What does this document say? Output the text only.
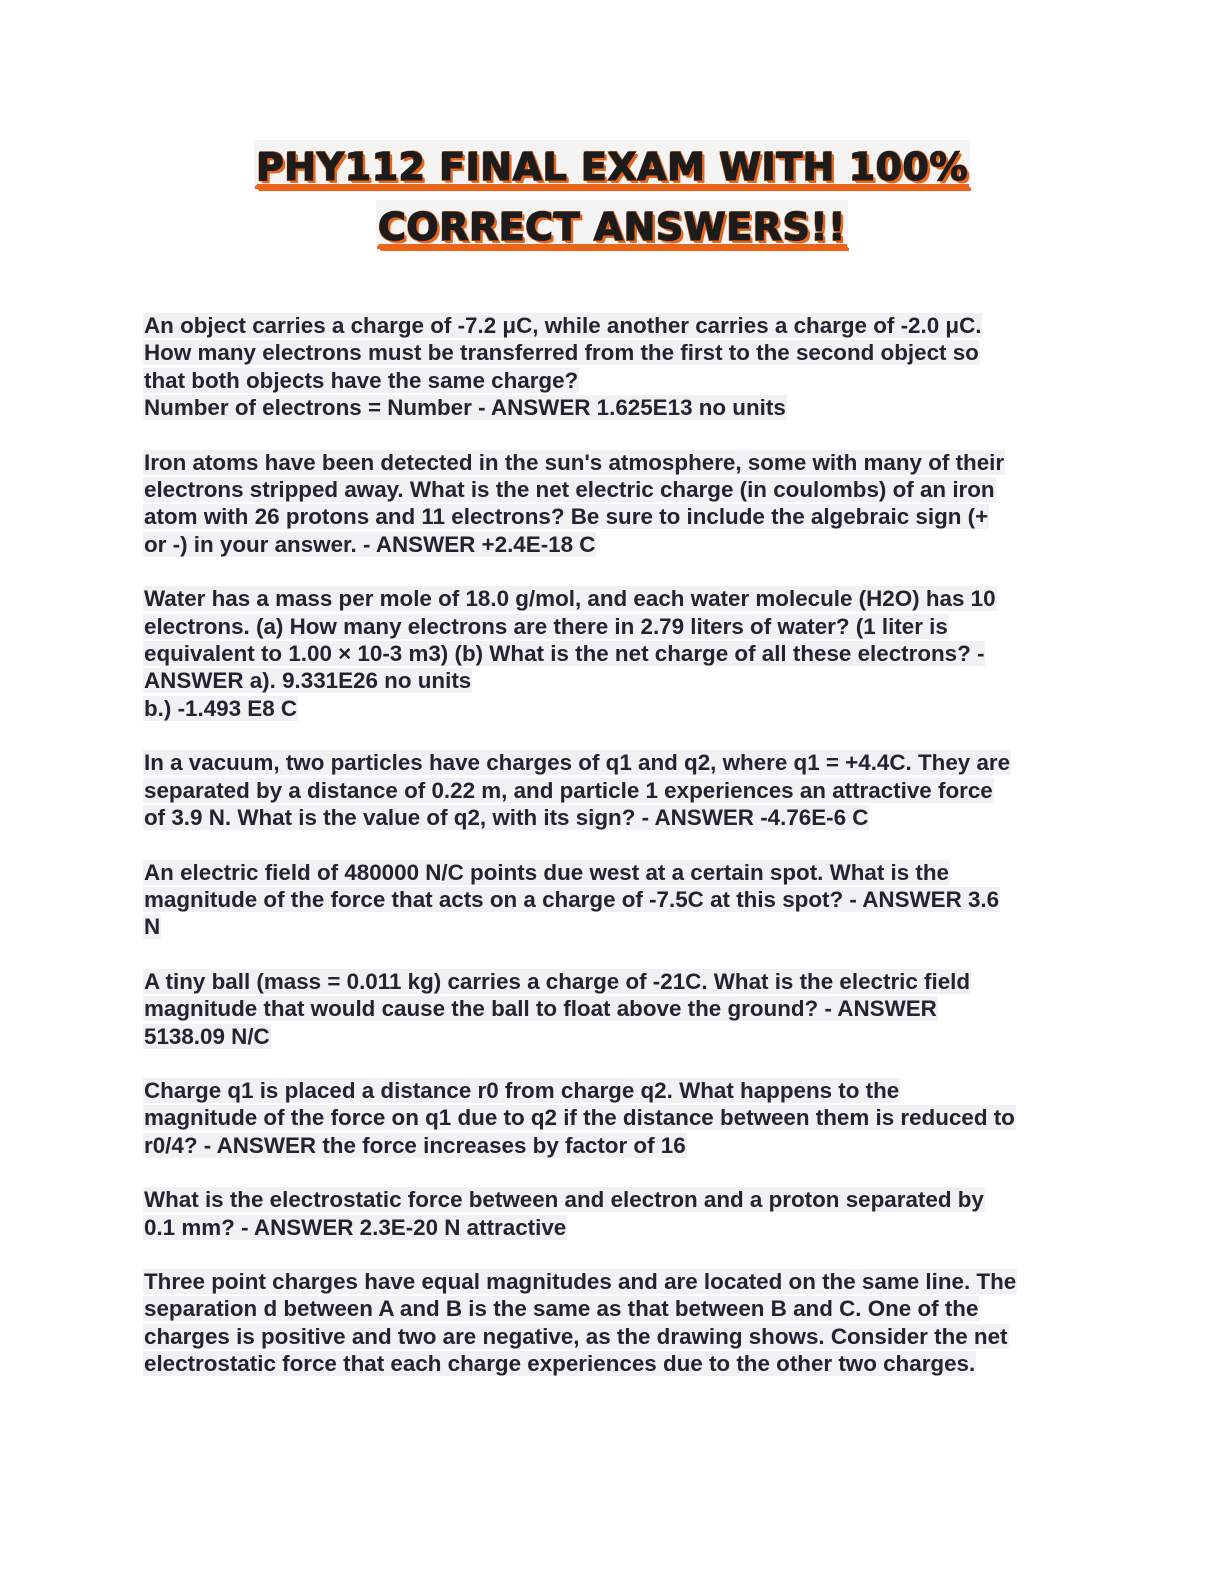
PHY112 FINAL EXAM WITH 100%
CORRECT ANSWERS!!
An object carries a charge of -7.2 μC, while another carries a charge of -2.0 μC.
How many electrons must be transferred from the first to the second object so
that both objects have the same charge?
Number of electrons = Number - ANSWER 1.625E13 no units
Iron atoms have been detected in the sun's atmosphere, some with many of their
electrons stripped away. What is the net electric charge (in coulombs) of an iron
atom with 26 protons and 11 electrons? Be sure to include the algebraic sign (+
or -) in your answer. - ANSWER +2.4E-18 C
Water has a mass per mole of 18.0 g/mol, and each water molecule (H2O) has 10
electrons. (a) How many electrons are there in 2.79 liters of water? (1 liter is
equivalent to 1.00 × 10-3 m3) (b) What is the net charge of all these electrons? -
ANSWER a). 9.331E26 no units
b.) -1.493 E8 C
In a vacuum, two particles have charges of q1 and q2, where q1 = +4.4C. They are
separated by a distance of 0.22 m, and particle 1 experiences an attractive force
of 3.9 N. What is the value of q2, with its sign? - ANSWER -4.76E-6 C
An electric field of 480000 N/C points due west at a certain spot. What is the
magnitude of the force that acts on a charge of -7.5C at this spot? - ANSWER 3.6
N
A tiny ball (mass = 0.011 kg) carries a charge of -21C. What is the electric field
magnitude that would cause the ball to float above the ground? - ANSWER
5138.09 N/C
Charge q1 is placed a distance r0 from charge q2. What happens to the
magnitude of the force on q1 due to q2 if the distance between them is reduced to
r0/4? - ANSWER the force increases by factor of 16
What is the electrostatic force between and electron and a proton separated by
0.1 mm? - ANSWER 2.3E-20 N attractive
Three point charges have equal magnitudes and are located on the same line. The
separation d between A and B is the same as that between B and C. One of the
charges is positive and two are negative, as the drawing shows. Consider the net
electrostatic force that each charge experiences due to the other two charges.
